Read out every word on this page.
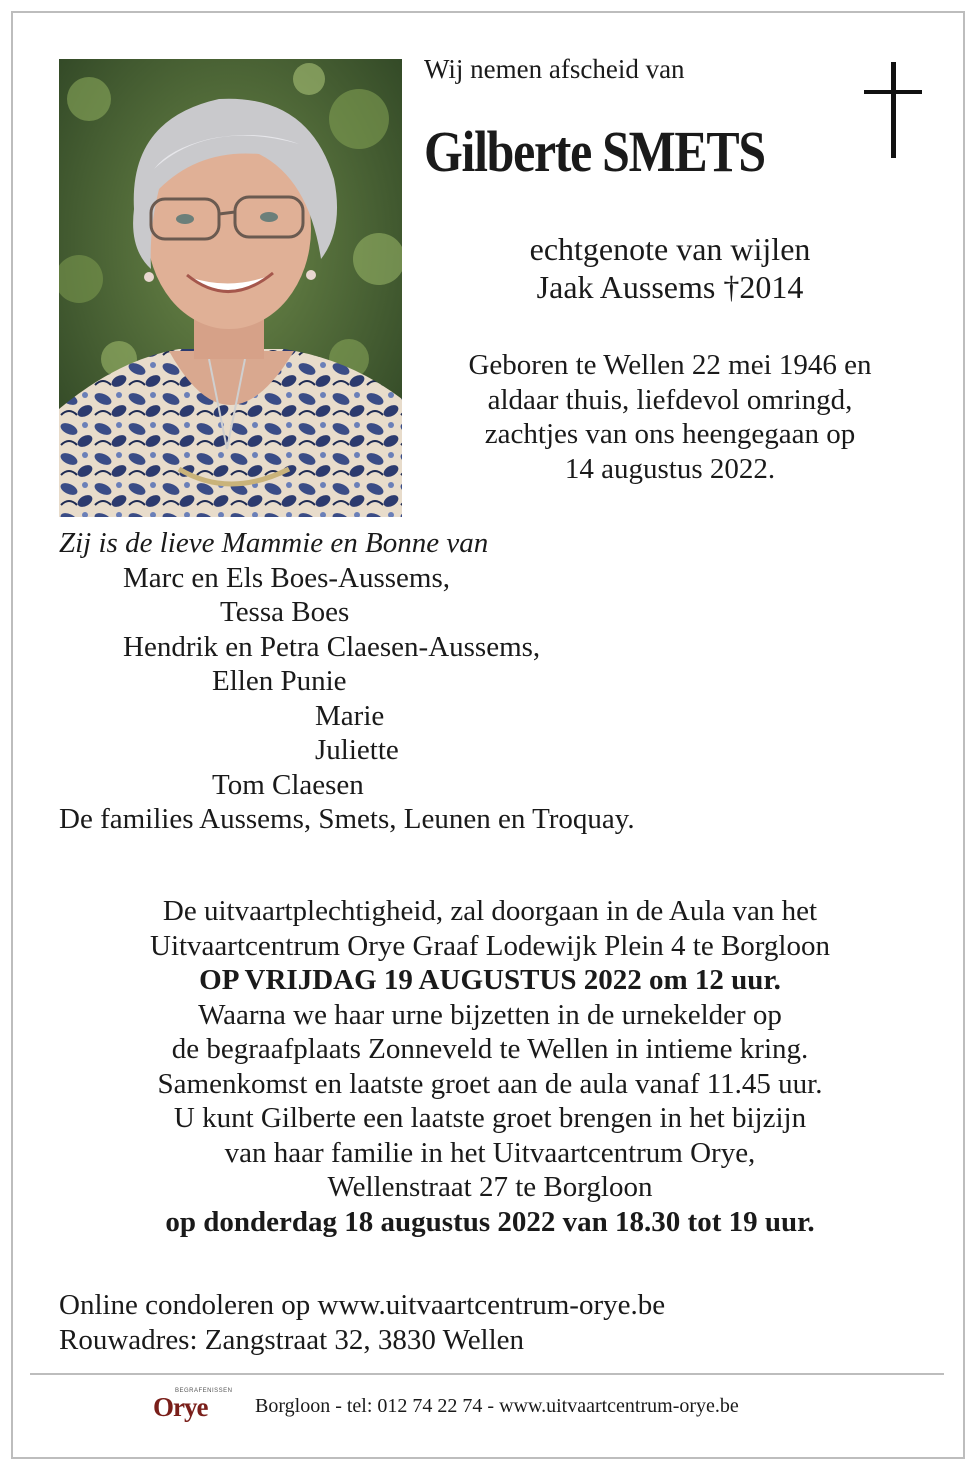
Wij nemen afscheid van
Gilberte SMETS
echtgenote van wijlen
Jaak Aussems †2014
Geboren te Wellen 22 mei 1946 en
aldaar thuis, liefdevol omringd,
zachtjes van ons heengegaan op
14 augustus 2022.
Zij is de lieve Mammie en Bonne van
Marc en Els Boes-Aussems,
Tessa Boes
Hendrik en Petra Claesen-Aussems,
Ellen Punie
Marie
Juliette
Tom Claesen
De families Aussems, Smets, Leunen en Troquay.
De uitvaartplechtigheid, zal doorgaan in de Aula van het
Uitvaartcentrum Orye Graaf Lodewijk Plein 4 te Borgloon
OP VRIJDAG 19 AUGUSTUS 2022 om 12 uur.
Waarna we haar urne bijzetten in de urnekelder op
de begraafplaats Zonneveld te Wellen in intieme kring.
Samenkomst en laatste groet aan de aula vanaf 11.45 uur.
U kunt Gilberte een laatste groet brengen in het bijzijn
van haar familie in het Uitvaartcentrum Orye,
Wellenstraat 27 te Borgloon
op donderdag 18 augustus 2022 van 18.30 tot 19 uur.
Online condoleren op www.uitvaartcentrum-orye.be
Rouwadres: Zangstraat 32, 3830 Wellen
BEGRAFENISSEN
Orye Borgloon - tel: 012 74 22 74 - www.uitvaartcentrum-orye.be
